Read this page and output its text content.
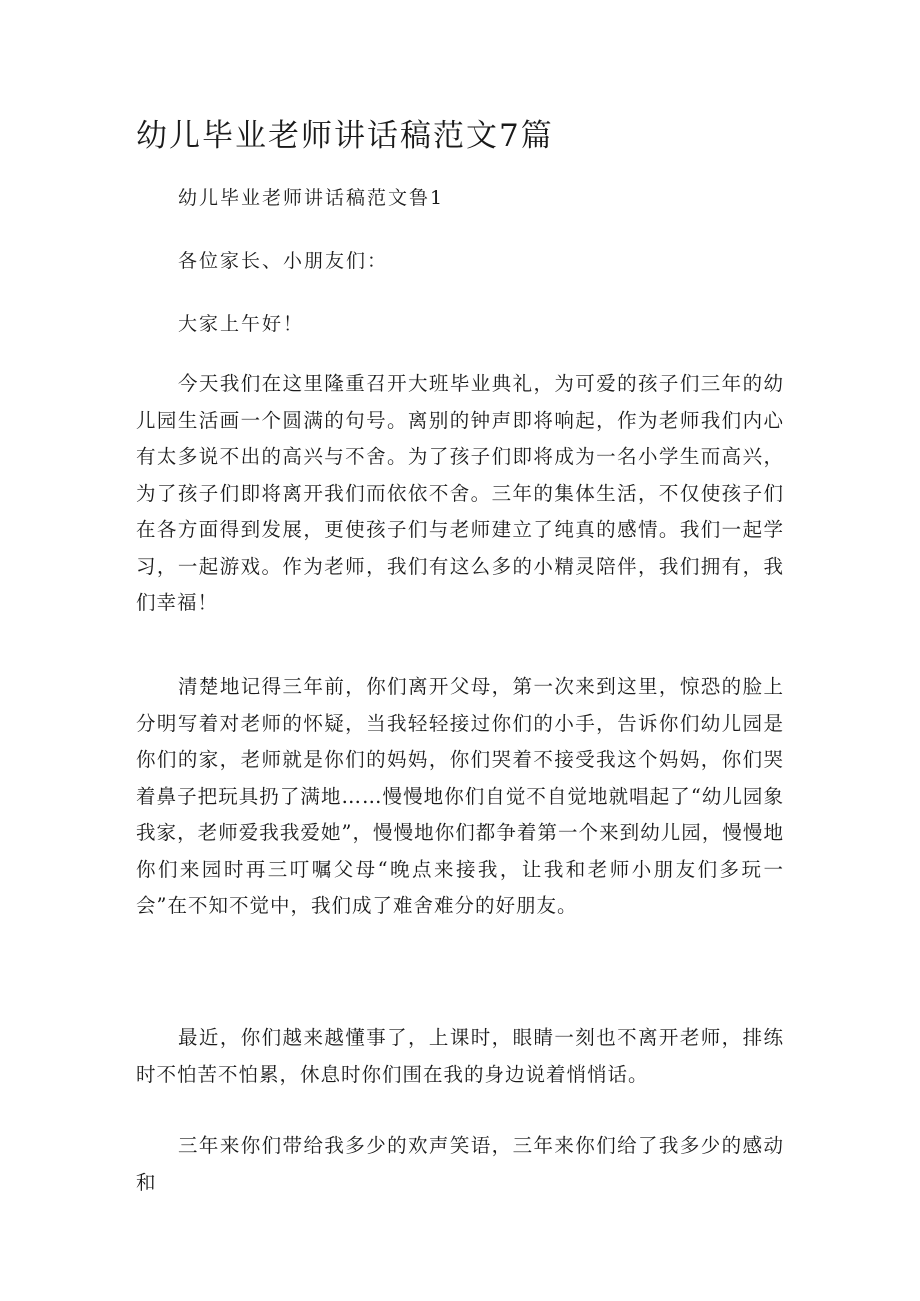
幼儿毕业老师讲话稿范文7篇

幼儿毕业老师讲话稿范文鲁1

各位家长、小朋友们：

大家上午好！

今天我们在这里隆重召开大班毕业典礼，为可爱的孩子们三年的幼儿园生活画一个圆满的句号。离别的钟声即将响起，作为老师我们内心有太多说不出的高兴与不舍。为了孩子们即将成为一名小学生而高兴，为了孩子们即将离开我们而依依不舍。三年的集体生活，不仅使孩子们在各方面得到发展，更使孩子们与老师建立了纯真的感情。我们一起学习，一起游戏。作为老师，我们有这么多的小精灵陪伴，我们拥有，我们幸福！

清楚地记得三年前，你们离开父母，第一次来到这里，惊恐的脸上分明写着对老师的怀疑，当我轻轻接过你们的小手，告诉你们幼儿园是你们的家，老师就是你们的妈妈，你们哭着不接受我这个妈妈，你们哭着鼻子把玩具扔了满地……慢慢地你们自觉不自觉地就唱起了“幼儿园象我家，老师爱我我爱她”，慢慢地你们都争着第一个来到幼儿园，慢慢地你们来园时再三叮嘱父母“晚点来接我，让我和老师小朋友们多玩一会”在不知不觉中，我们成了难舍难分的好朋友。

最近，你们越来越懂事了，上课时，眼睛一刻也不离开老师，排练时不怕苦不怕累，休息时你们围在我的身边说着悄悄话。

三年来你们带给我多少的欢声笑语，三年来你们给了我多少的感动和
